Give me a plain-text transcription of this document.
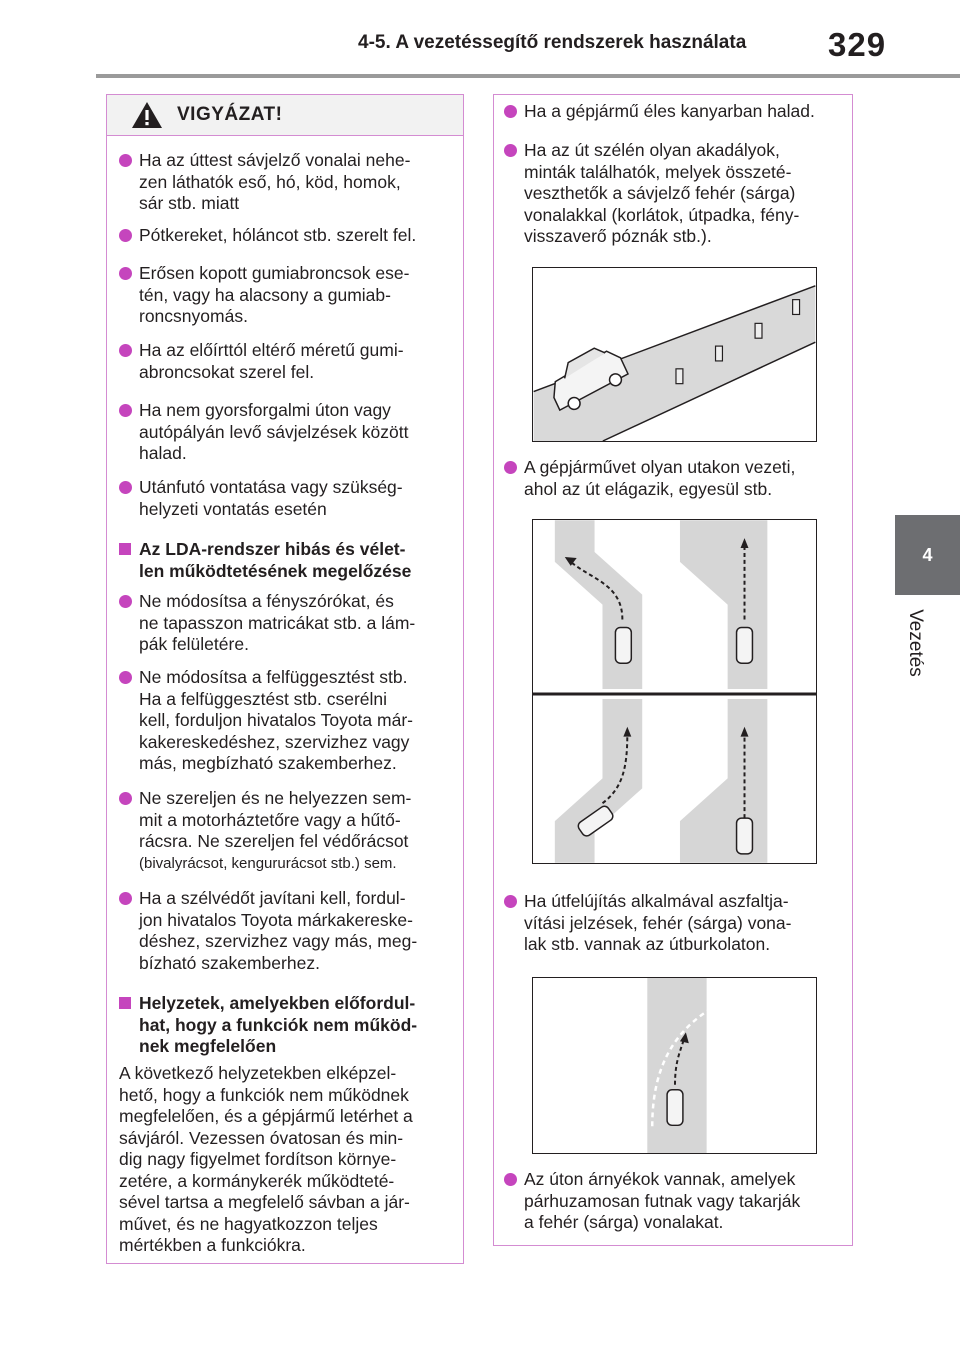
4-5. A vezetéssegítő rendszerek használata 329
4
Vezetés
VIGYÁZAT!
Ha az úttest sávjelző vonalai nehe-
zen láthatók eső, hó, köd, homok,
sár stb. miatt
Pótkereket, hóláncot stb. szerelt fel.
Erősen kopott gumiabroncsok ese-
tén, vagy ha alacsony a gumiab-
roncsnyomás.
Ha az előírttól eltérő méretű gumi-
abroncsokat szerel fel.
Ha nem gyorsforgalmi úton vagy
autópályán levő sávjelzések között
halad.
Utánfutó vontatása vagy szükség-
helyzeti vontatás esetén
Az LDA-rendszer hibás és vélet-
len működtetésének megelőzése
Ne módosítsa a fényszórókat, és
ne tapasszon matricákat stb. a lám-
pák felületére.
Ne módosítsa a felfüggesztést stb.
Ha a felfüggesztést stb. cserélni
kell, forduljon hivatalos Toyota már-
kakereskedéshez, szervizhez vagy
más, megbízható szakemberhez.
Ne szereljen és ne helyezzen sem-
mit a motorháztetőre vagy a hűtő-
rácsra. Ne szereljen fel védőrácsot
(bivalyrácsot, kengururácsot stb.) sem.
Ha a szélvédőt javítani kell, fordul-
jon hivatalos Toyota márkakereske-
déshez, szervizhez vagy más, meg-
bízható szakemberhez.
Helyzetek, amelyekben előfordul-
hat, hogy a funkciók nem működ-
nek megfelelően
A következő helyzetekben elképzel-
hető, hogy a funkciók nem működnek
megfelelően, és a gépjármű letérhet a
sávjáról. Vezessen óvatosan és min-
dig nagy figyelmet fordítson környe-
zetére, a kormánykerék működteté-
sével tartsa a megfelelő sávban a jár-
művet, és ne hagyatkozzon teljes
mértékben a funkciókra.
Ha a gépjármű éles kanyarban halad.
Ha az út szélén olyan akadályok,
minták találhatók, melyek összeté-
veszthetők a sávjelző fehér (sárga)
vonalakkal (korlátok, útpadka, fény-
visszaverő póznák stb.).
A gépjárművet olyan utakon vezeti,
ahol az út elágazik, egyesül stb.
Ha útfelújítás alkalmával aszfaltja-
vítási jelzések, fehér (sárga) vona-
lak stb. vannak az útburkolaton.
Az úton árnyékok vannak, amelyek
párhuzamosan futnak vagy takarják
a fehér (sárga) vonalakat.
